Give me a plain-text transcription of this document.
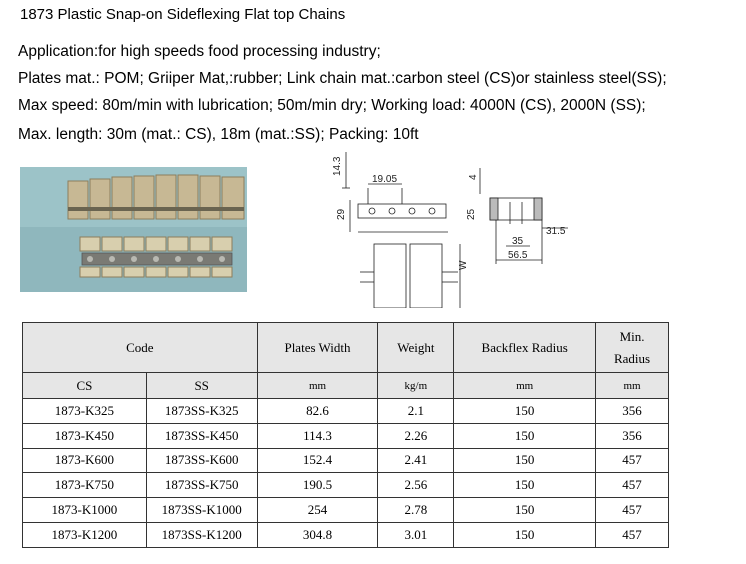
1873 Plastic Snap-on Sideflexing Flat top Chains
Application:for high speeds food processing industry;
Plates mat.: POM; Griiper Mat,:rubber; Link chain mat.:carbon steel (CS)or stainless steel(SS);
Max speed: 80m/min with lubrication; 50m/min dry; Working load: 4000N (CS), 2000N (SS);
Max. length: 30m (mat.: CS), 18m (mat.:SS); Packing: 10ft
14.3
19.05
29
4
25
31.5
35
56.5
W
Code		Plates Width	Weight	Backflex Radius	Min.
Radius

CS	SS	mm	kg/m	mm	mm
1873-K325	1873SS-K325	82.6	2.1	150	356
1873-K450	1873SS-K450	114.3	2.26	150	356
1873-K600	1873SS-K600	152.4	2.41	150	457
1873-K750	1873SS-K750	190.5	2.56	150	457
1873-K1000	1873SS-K1000	254	2.78	150	457
1873-K1200	1873SS-K1200	304.8	3.01	150	457
